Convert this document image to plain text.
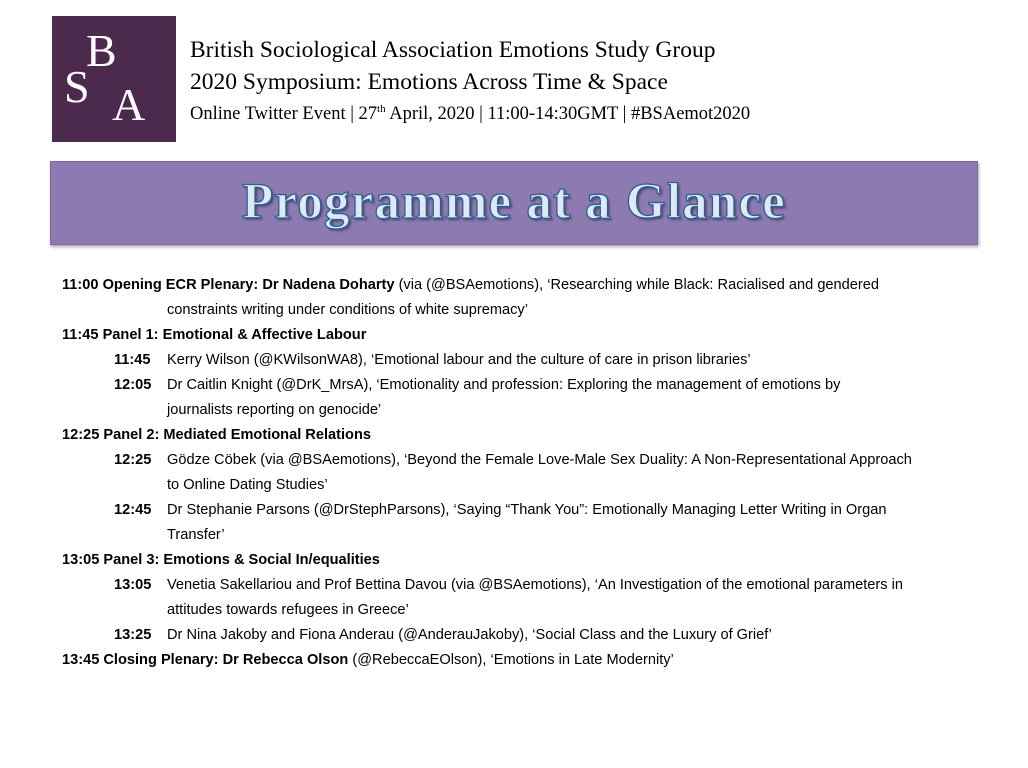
B
S A
British Sociological Association Emotions Study Group
2020 Symposium: Emotions Across Time & Space
Online Twitter Event | 27th April, 2020 | 11:00-14:30GMT | #BSAemot2020
Programme at a Glance
11:00 Opening ECR Plenary: Dr Nadena Doharty (via (@BSAemotions), ‘Researching while Black: Racialised and gendered
constraints writing under conditions of white supremacy’
11:45 Panel 1: Emotional & Affective Labour
11:45	Kerry Wilson (@KWilsonWA8), ‘Emotional labour and the culture of care in prison libraries’
12:05	Dr Caitlin Knight (@DrK_MrsA), ‘Emotionality and profession: Exploring the management of emotions by
journalists reporting on genocide’
12:25 Panel 2: Mediated Emotional Relations
12:25	Gödze Cöbek (via @BSAemotions), ‘Beyond the Female Love-Male Sex Duality: A Non-Representational Approach
to Online Dating Studies’
12:45	Dr Stephanie Parsons (@DrStephParsons), ‘Saying “Thank You”: Emotionally Managing Letter Writing in Organ
Transfer’
13:05 Panel 3: Emotions & Social In/equalities
13:05	Venetia Sakellariou and Prof Bettina Davou (via @BSAemotions), ‘An Investigation of the emotional parameters in
attitudes towards refugees in Greece’
13:25	Dr Nina Jakoby and Fiona Anderau (@AnderauJakoby), ‘Social Class and the Luxury of Grief’
13:45 Closing Plenary: Dr Rebecca Olson (@RebeccaEOlson), ‘Emotions in Late Modernity’
